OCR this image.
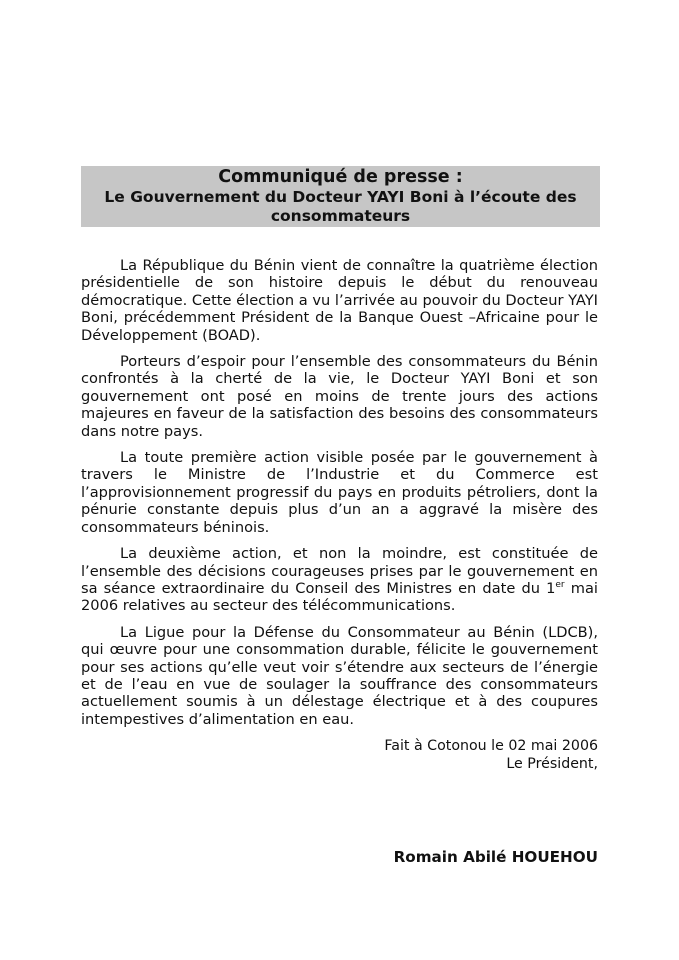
Communiqué de presse :
Le Gouvernement du Docteur YAYI Boni à l’écoute des
consommateurs

La République du Bénin vient de connaître la quatrième élection présidentielle de son histoire depuis le début du renouveau démocratique. Cette élection a vu l’arrivée au pouvoir du Docteur YAYI Boni, précédemment Président de la Banque Ouest –Africaine pour le Développement (BOAD).

Porteurs d’espoir pour l’ensemble des consommateurs du Bénin confrontés à la cherté de la vie, le Docteur YAYI Boni et son gouvernement ont posé en moins de trente jours des actions majeures en faveur de la satisfaction des besoins des consommateurs dans notre pays.

La toute première action visible posée par le gouvernement à travers le Ministre de l’Industrie et du Commerce est l’approvisionnement progressif du pays en produits pétroliers, dont la pénurie constante depuis plus d’un an a aggravé la misère des consommateurs béninois.

La deuxième action, et non la moindre, est constituée de l’ensemble des décisions courageuses prises par le gouvernement en sa séance extraordinaire du Conseil des Ministres en date du 1er mai 2006 relatives au secteur des télécommunications.

La Ligue pour la Défense du Consommateur au Bénin (LDCB), qui œuvre pour une consommation durable, félicite le gouvernement pour ses actions qu’elle veut voir s’étendre aux secteurs de l’énergie et de l’eau en vue de soulager la souffrance des consommateurs actuellement soumis à un délestage électrique et à des coupures intempestives d’alimentation en eau.

Fait à Cotonou le 02 mai 2006
Le Président,
Romain Abilé HOUEHOU
